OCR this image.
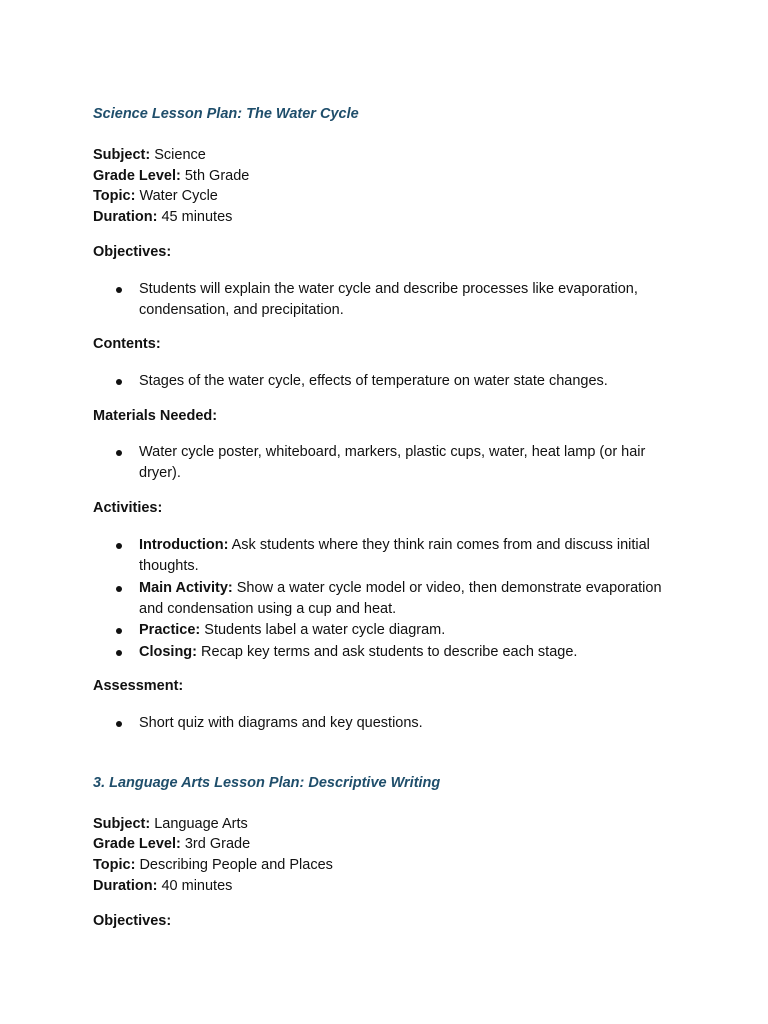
Science Lesson Plan: The Water Cycle
Subject: Science
Grade Level: 5th Grade
Topic: Water Cycle
Duration: 45 minutes
Objectives:
Students will explain the water cycle and describe processes like evaporation, condensation, and precipitation.
Contents:
Stages of the water cycle, effects of temperature on water state changes.
Materials Needed:
Water cycle poster, whiteboard, markers, plastic cups, water, heat lamp (or hair dryer).
Activities:
Introduction: Ask students where they think rain comes from and discuss initial thoughts.
Main Activity: Show a water cycle model or video, then demonstrate evaporation and condensation using a cup and heat.
Practice: Students label a water cycle diagram.
Closing: Recap key terms and ask students to describe each stage.
Assessment:
Short quiz with diagrams and key questions.
3. Language Arts Lesson Plan: Descriptive Writing
Subject: Language Arts
Grade Level: 3rd Grade
Topic: Describing People and Places
Duration: 40 minutes
Objectives:
